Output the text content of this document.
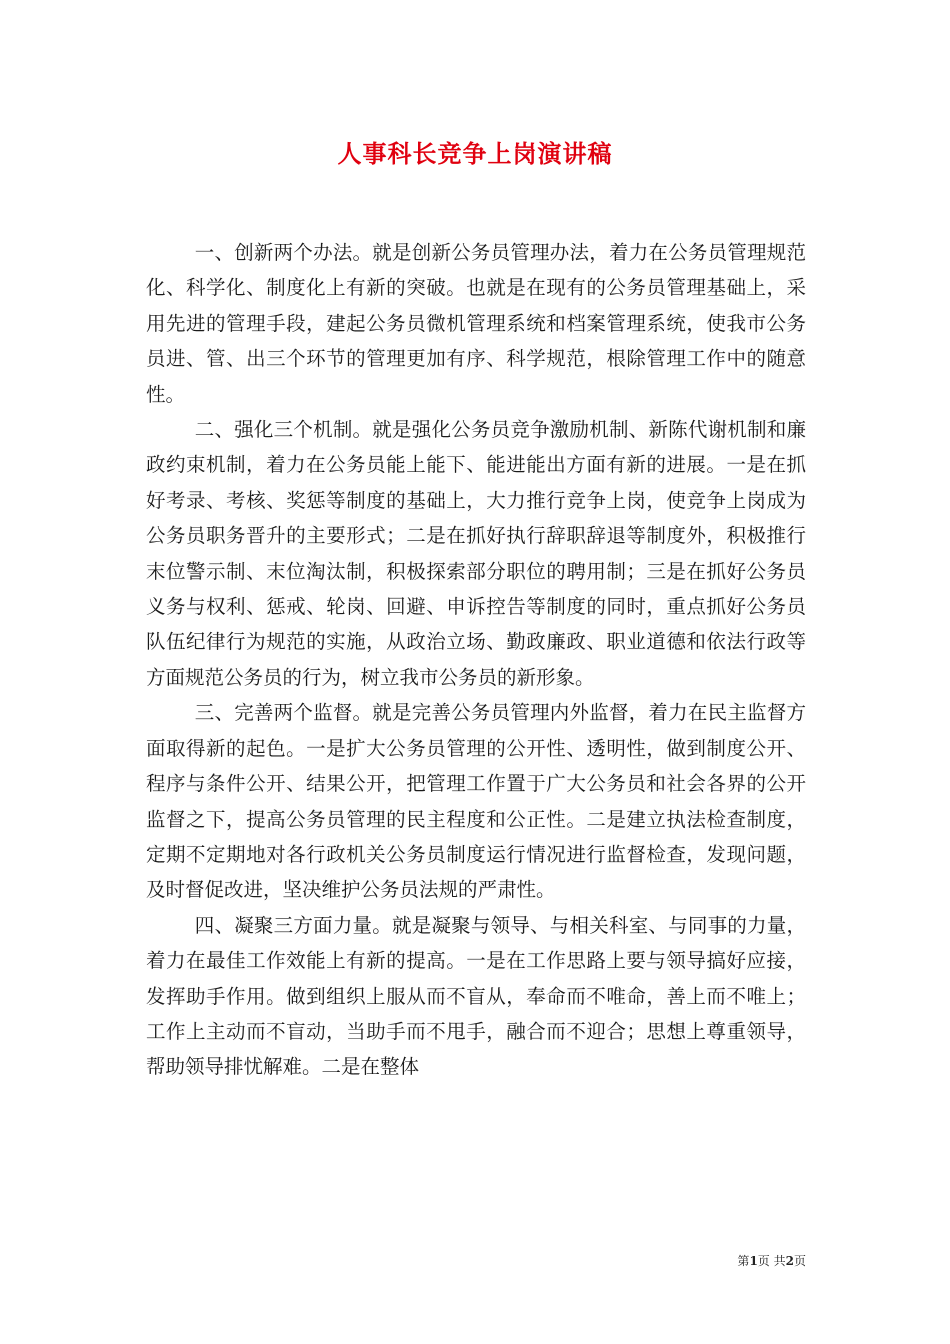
人事科长竞争上岗演讲稿

一、创新两个办法。就是创新公务员管理办法，着力在公务员管理规范化、科学化、制度化上有新的突破。也就是在现有的公务员管理基础上，采用先进的管理手段，建起公务员微机管理系统和档案管理系统，使我市公务员进、管、出三个环节的管理更加有序、科学规范，根除管理工作中的随意性。

二、强化三个机制。就是强化公务员竞争激励机制、新陈代谢机制和廉政约束机制，着力在公务员能上能下、能进能出方面有新的进展。一是在抓好考录、考核、奖惩等制度的基础上，大力推行竞争上岗，使竞争上岗成为公务员职务晋升的主要形式；二是在抓好执行辞职辞退等制度外，积极推行末位警示制、末位淘汰制，积极探索部分职位的聘用制；三是在抓好公务员义务与权利、惩戒、轮岗、回避、申诉控告等制度的同时，重点抓好公务员队伍纪律行为规范的实施，从政治立场、勤政廉政、职业道德和依法行政等方面规范公务员的行为，树立我市公务员的新形象。

三、完善两个监督。就是完善公务员管理内外监督，着力在民主监督方面取得新的起色。一是扩大公务员管理的公开性、透明性，做到制度公开、程序与条件公开、结果公开，把管理工作置于广大公务员和社会各界的公开监督之下，提高公务员管理的民主程度和公正性。二是建立执法检查制度，定期不定期地对各行政机关公务员制度运行情况进行监督检查，发现问题，及时督促改进，坚决维护公务员法规的严肃性。

四、凝聚三方面力量。就是凝聚与领导、与相关科室、与同事的力量，着力在最佳工作效能上有新的提高。一是在工作思路上要与领导搞好应接，发挥助手作用。做到组织上服从而不盲从，奉命而不唯命，善上而不唯上；工作上主动而不盲动，当助手而不甩手，融合而不迎合；思想上尊重领导，帮助领导排忧解难。二是在整体

第1页 共2页
